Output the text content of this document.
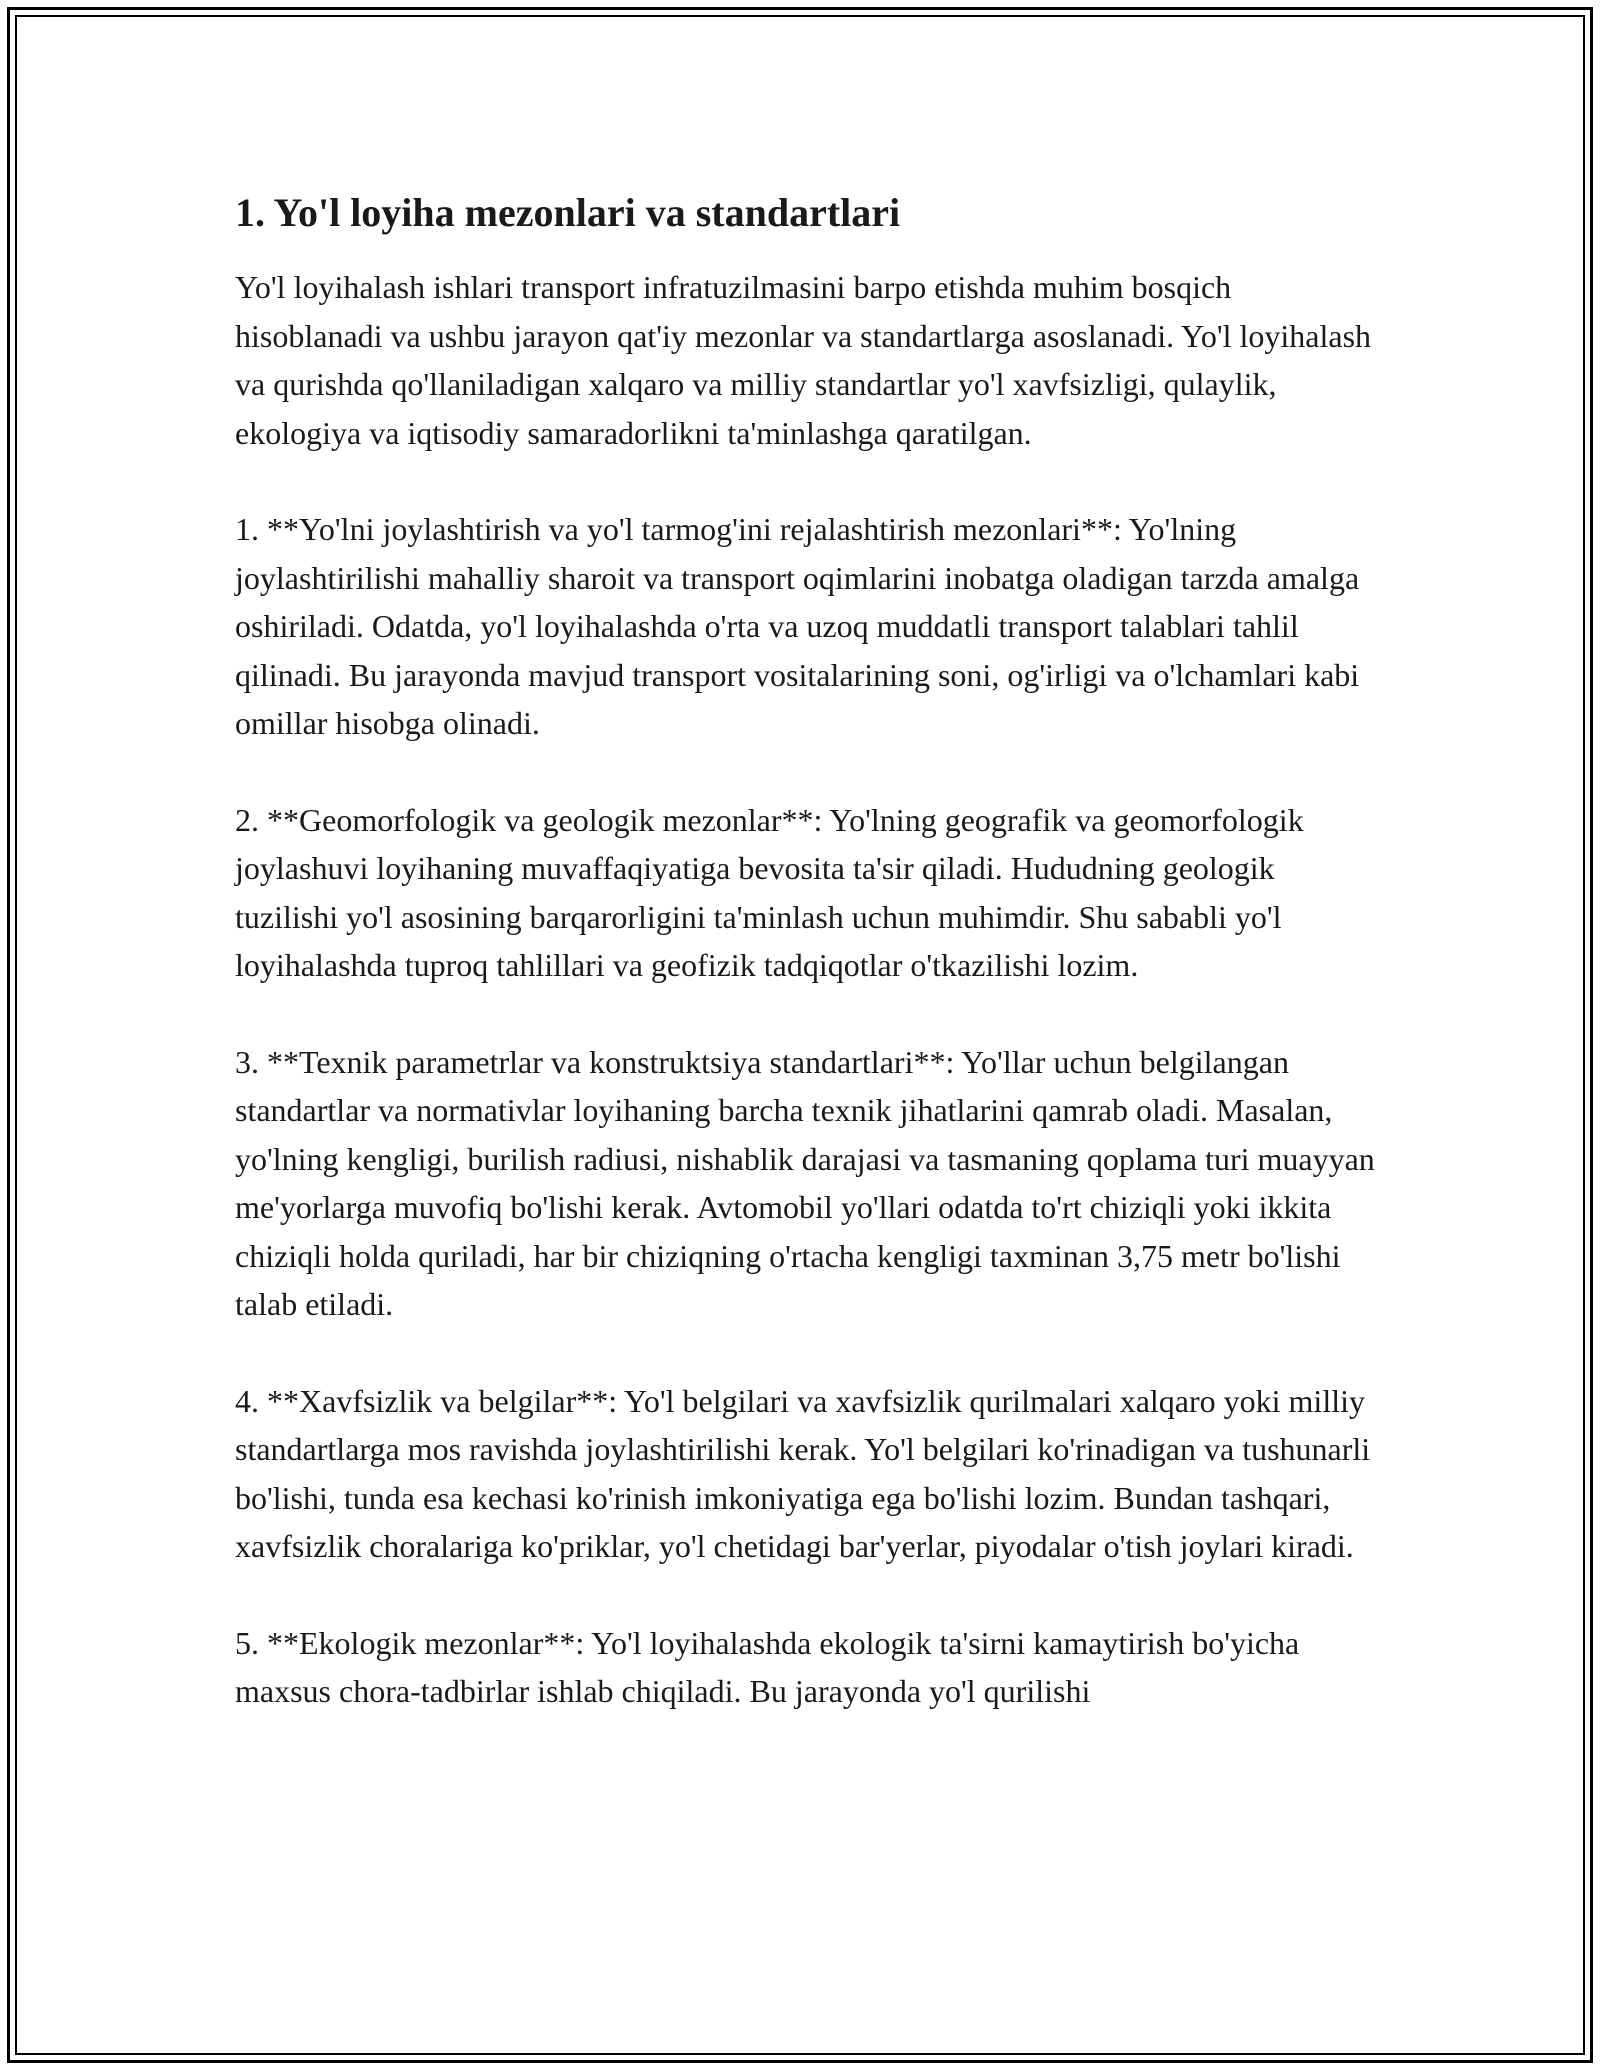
1. Yo'l loyiha mezonlari va standartlari

Yo'l loyihalash ishlari transport infratuzilmasini barpo etishda muhim bosqich hisoblanadi va ushbu jarayon qat'iy mezonlar va standartlarga asoslanadi. Yo'l loyihalash va qurishda qo'llaniladigan xalqaro va milliy standartlar yo'l xavfsizligi, qulaylik, ekologiya va iqtisodiy samaradorlikni ta'minlashga qaratilgan.

1. **Yo'lni joylashtirish va yo'l tarmog'ini rejalashtirish mezonlari**: Yo'lning joylashtirilishi mahalliy sharoit va transport oqimlarini inobatga oladigan tarzda amalga oshiriladi. Odatda, yo'l loyihalashda o'rta va uzoq muddatli transport talablari tahlil qilinadi. Bu jarayonda mavjud transport vositalarining soni, og'irligi va o'lchamlari kabi omillar hisobga olinadi.

2. **Geomorfologik va geologik mezonlar**: Yo'lning geografik va geomorfologik joylashuvi loyihaning muvaffaqiyatiga bevosita ta'sir qiladi. Hududning geologik tuzilishi yo'l asosining barqarorligini ta'minlash uchun muhimdir. Shu sababli yo'l loyihalashda tuproq tahlillari va geofizik tadqiqotlar o'tkazilishi lozim.

3. **Texnik parametrlar va konstruktsiya standartlari**: Yo'llar uchun belgilangan standartlar va normativlar loyihaning barcha texnik jihatlarini qamrab oladi. Masalan, yo'lning kengligi, burilish radiusi, nishablik darajasi va tasmaning qoplama turi muayyan me'yorlarga muvofiq bo'lishi kerak. Avtomobil yo'llari odatda to'rt chiziqli yoki ikkita chiziqli holda quriladi, har bir chiziqning o'rtacha kengligi taxminan 3,75 metr bo'lishi talab etiladi.

4. **Xavfsizlik va belgilar**: Yo'l belgilari va xavfsizlik qurilmalari xalqaro yoki milliy standartlarga mos ravishda joylashtirilishi kerak. Yo'l belgilari ko'rinadigan va tushunarli bo'lishi, tunda esa kechasi ko'rinish imkoniyatiga ega bo'lishi lozim. Bundan tashqari, xavfsizlik choralariga ko'priklar, yo'l chetidagi bar'yerlar, piyodalar o'tish joylari kiradi.

5. **Ekologik mezonlar**: Yo'l loyihalashda ekologik ta'sirni kamaytirish bo'yicha maxsus chora-tadbirlar ishlab chiqiladi. Bu jarayonda yo'l qurilishi
